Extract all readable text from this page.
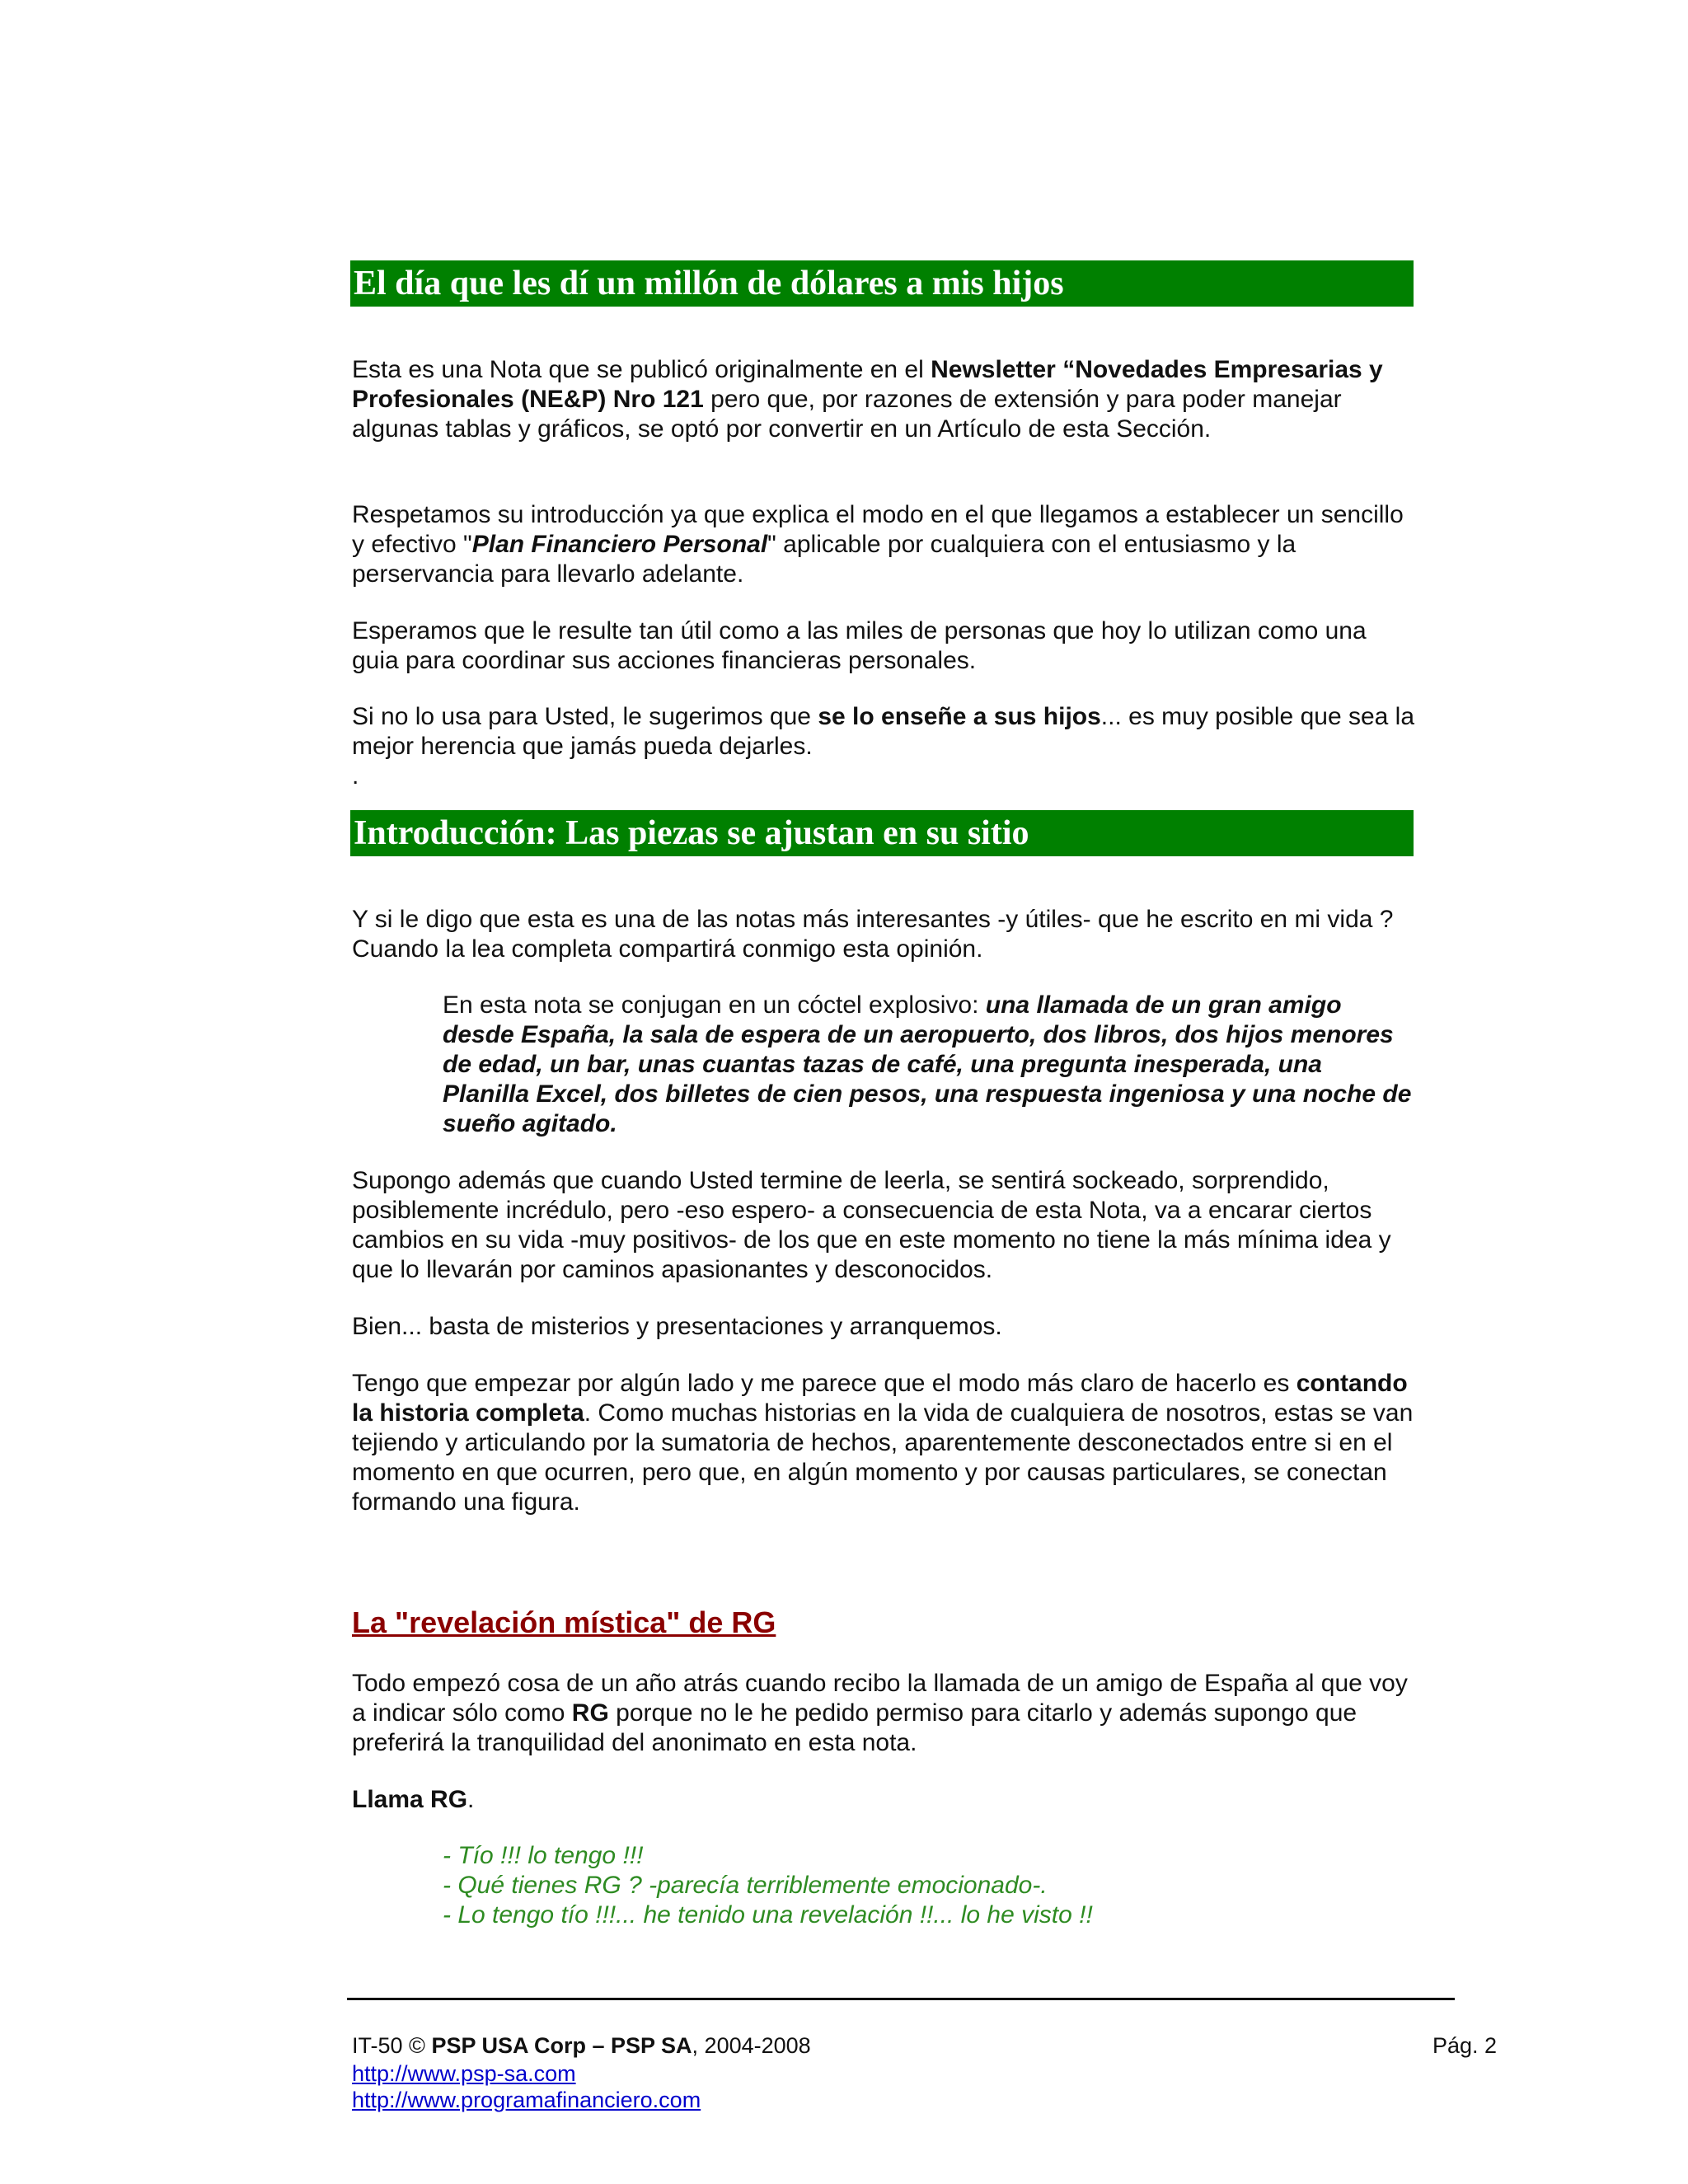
El día que les dí un millón de dólares a mis hijos

Esta es una Nota que se publicó originalmente en el Newsletter “Novedades Empresarias y Profesionales (NE&P) Nro 121 pero que, por razones de extensión y para poder manejar algunas tablas y gráficos, se optó por convertir en un Artículo de esta Sección.

Respetamos su introducción ya que explica el modo en el que llegamos a establecer un sencillo y efectivo "Plan Financiero Personal" aplicable por cualquiera con el entusiasmo y la perservancia para llevarlo adelante.

Esperamos que le resulte tan útil como a las miles de personas que hoy lo utilizan como una guia para coordinar sus acciones financieras personales.

Si no lo usa para Usted, le sugerimos que se lo enseñe a sus hijos... es muy posible que sea la mejor herencia que jamás pueda dejarles.

.

Introducción: Las piezas se ajustan en su sitio

Y si le digo que esta es una de las notas más interesantes -y útiles- que he escrito en mi vida ? Cuando la lea completa compartirá conmigo esta opinión.

En esta nota se conjugan en un cóctel explosivo: una llamada de un gran amigo desde España, la sala de espera de un aeropuerto, dos libros, dos hijos menores de edad, un bar, unas cuantas tazas de café, una pregunta inesperada, una Planilla Excel, dos billetes de cien pesos, una respuesta ingeniosa y una noche de sueño agitado.

Supongo además que cuando Usted termine de leerla, se sentirá sockeado, sorprendido, posiblemente incrédulo, pero -eso espero- a consecuencia de esta Nota, va a encarar ciertos cambios en su vida -muy positivos- de los que en este momento no tiene la más mínima idea y que lo llevarán por caminos apasionantes y desconocidos.

Bien... basta de misterios y presentaciones y arranquemos.

Tengo que empezar por algún lado y me parece que el modo más claro de hacerlo es contando la historia completa. Como muchas historias en la vida de cualquiera de nosotros, estas se van tejiendo y articulando por la sumatoria de hechos, aparentemente desconectados entre si en el momento en que ocurren, pero que, en algún momento y por causas particulares, se conectan formando una figura.

La "revelación mística" de RG

Todo empezó cosa de un año atrás cuando recibo la llamada de un amigo de España al que voy a indicar sólo como RG porque no le he pedido permiso para citarlo y además supongo que preferirá la tranquilidad del anonimato en esta nota.

Llama RG.

- Tío !!! lo tengo !!!

- Qué tienes RG ? -parecía terriblemente emocionado-.

- Lo tengo tío !!!... he tenido una revelación !!... lo he visto !!

IT-50 © PSP USA Corp – PSP SA, 2004-2008
http://www.psp-sa.com
http://www.programafinanciero.com
Pág. 2
